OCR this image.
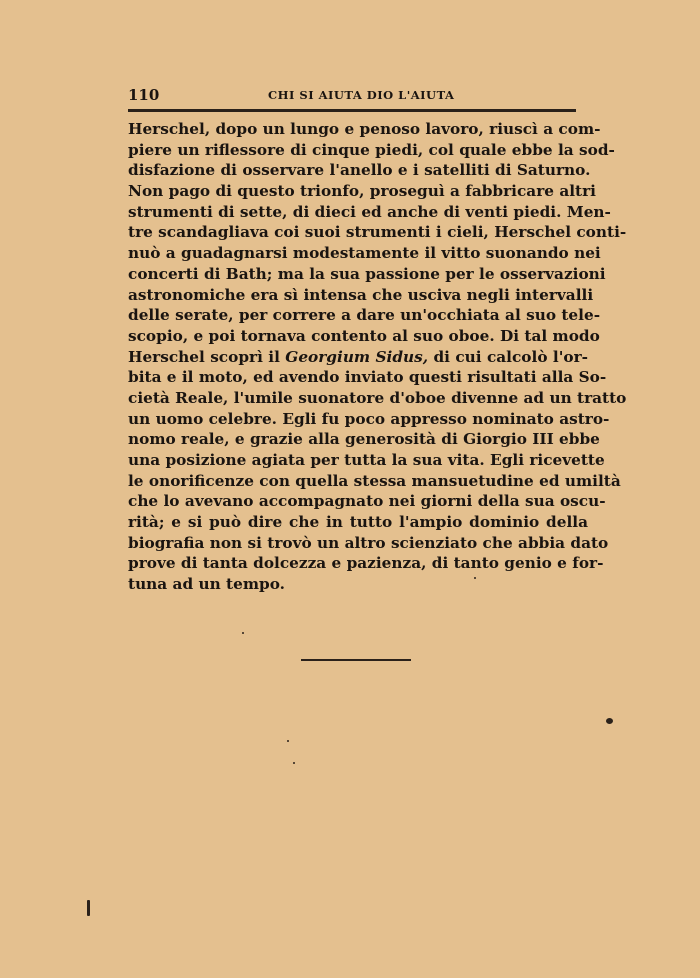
110	CHI SI AIUTA DIO L'AIUTA
Herschel, dopo un lungo e penoso lavoro, riuscì a com-
piere un riflessore di cinque piedi, col quale ebbe la sod-
disfazione di osservare l'anello e i satelliti di Saturno.
Non pago di questo trionfo, proseguì a fabbricare altri
strumenti di sette, di dieci ed anche di venti piedi. Men-
tre scandagliava coi suoi strumenti i cieli, Herschel conti-
nuò a guadagnarsi modestamente il vitto suonando nei
concerti di Bath; ma la sua passione per le osservazioni
astronomiche era sì intensa che usciva negli intervalli
delle serate, per correre a dare un'occhiata al suo tele-
scopio, e poi tornava contento al suo oboe. Di tal modo
Herschel scoprì il Georgium Sidus, di cui calcolò l'or-
bita e il moto, ed avendo inviato questi risultati alla So-
cietà Reale, l'umile suonatore d'oboe divenne ad un tratto
un uomo celebre. Egli fu poco appresso nominato astro-
nomo reale, e grazie alla generosità di Giorgio III ebbe
una posizione agiata per tutta la sua vita. Egli ricevette
le onorificenze con quella stessa mansuetudine ed umiltà
che lo avevano accompagnato nei giorni della sua oscu-
rità; e si può dire che in tutto l'ampio dominio della
biografia non si trovò un altro scienziato che abbia dato
prove di tanta dolcezza e pazienza, di tanto genio e for-
tuna ad un tempo.
